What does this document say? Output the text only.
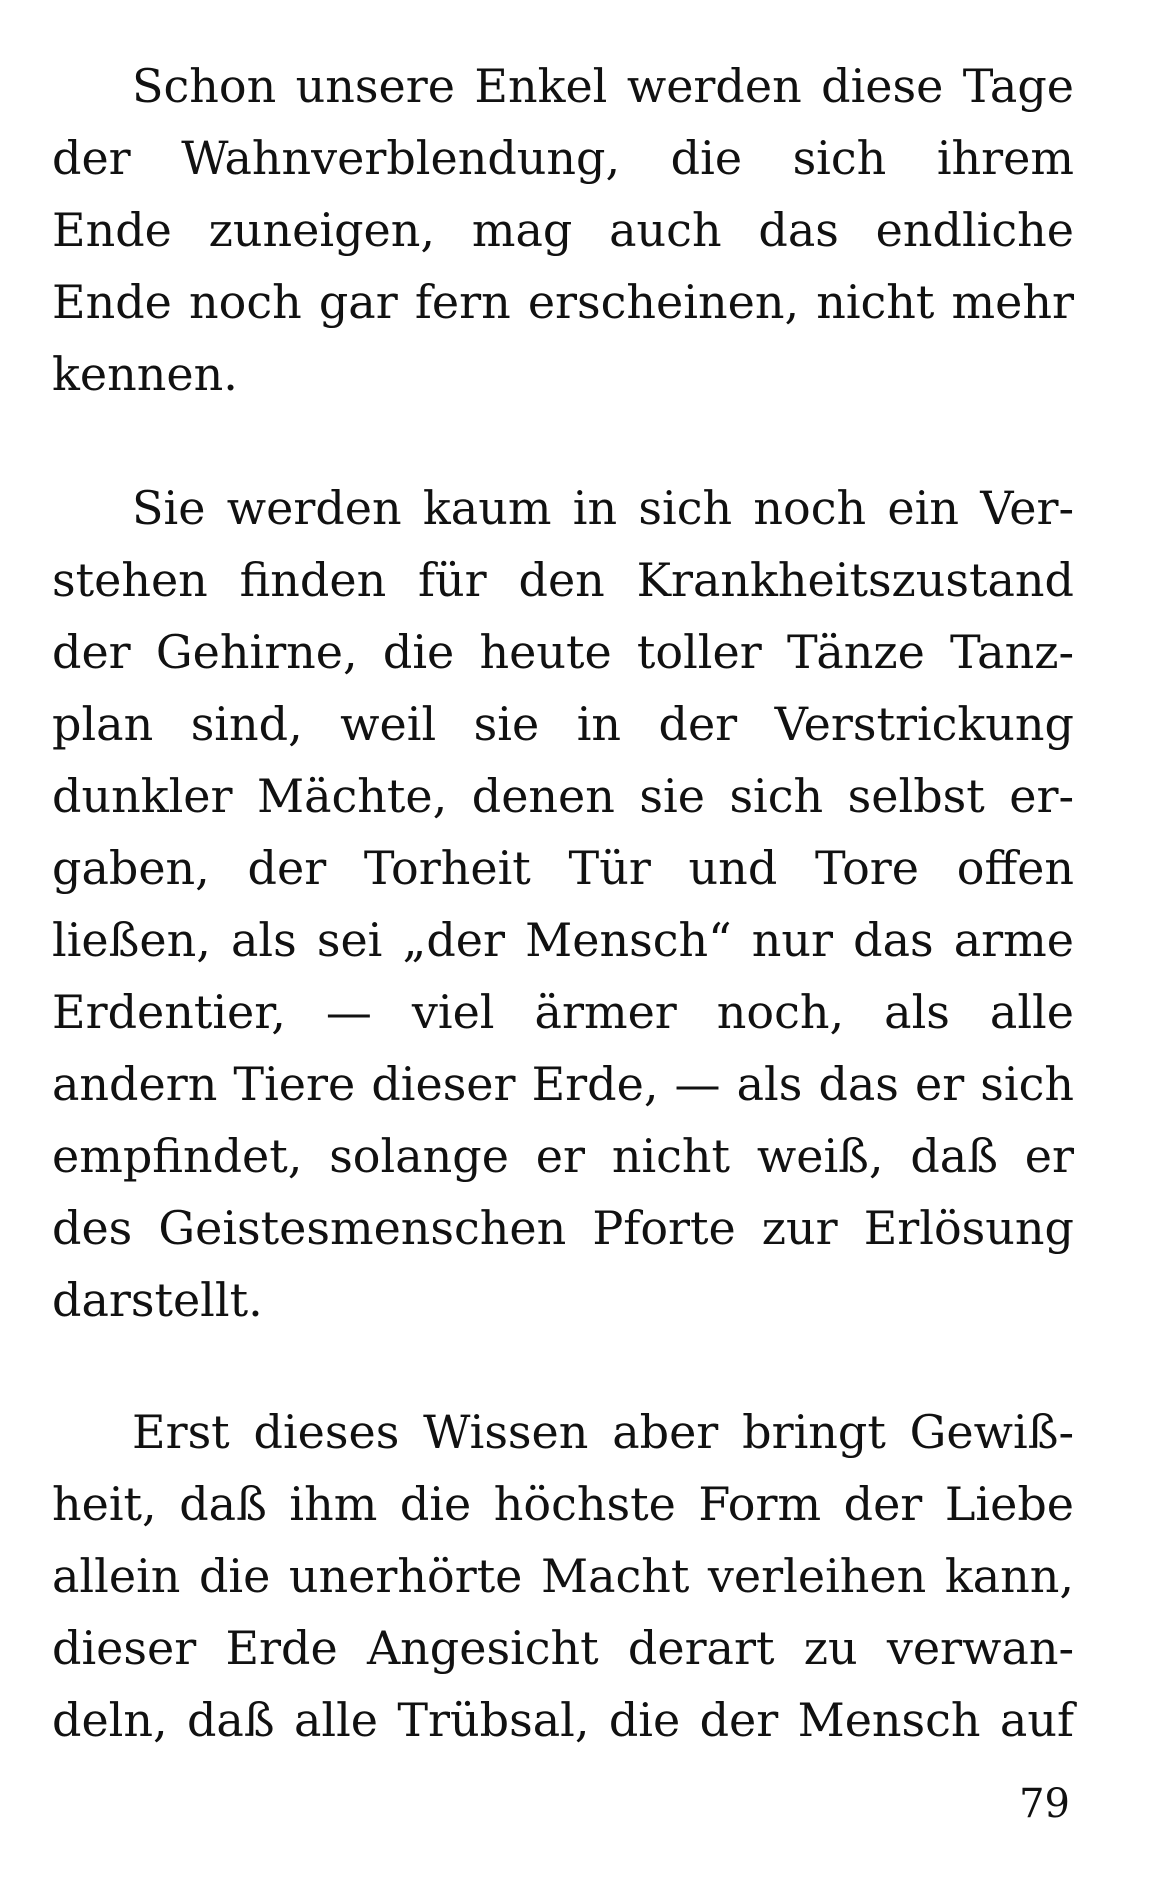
Schon unsere Enkel werden diese Tage
der Wahnverblendung, die sich ihrem
Ende zuneigen, mag auch das endliche
Ende noch gar fern erscheinen, nicht mehr
kennen.
Sie werden kaum in sich noch ein Ver-
stehen finden für den Krankheitszustand
der Gehirne, die heute toller Tänze Tanz-
plan sind, weil sie in der Verstrickung
dunkler Mächte, denen sie sich selbst er-
gaben, der Torheit Tür und Tore offen
ließen, als sei „der Mensch“ nur das arme
Erdentier, — viel ärmer noch, als alle
andern Tiere dieser Erde, — als das er sich
empfindet, solange er nicht weiß, daß er
des Geistesmenschen Pforte zur Erlösung
darstellt.
Erst dieses Wissen aber bringt Gewiß-
heit, daß ihm die höchste Form der Liebe
allein die unerhörte Macht verleihen kann,
dieser Erde Angesicht derart zu verwan-
deln, daß alle Trübsal, die der Mensch auf
79
